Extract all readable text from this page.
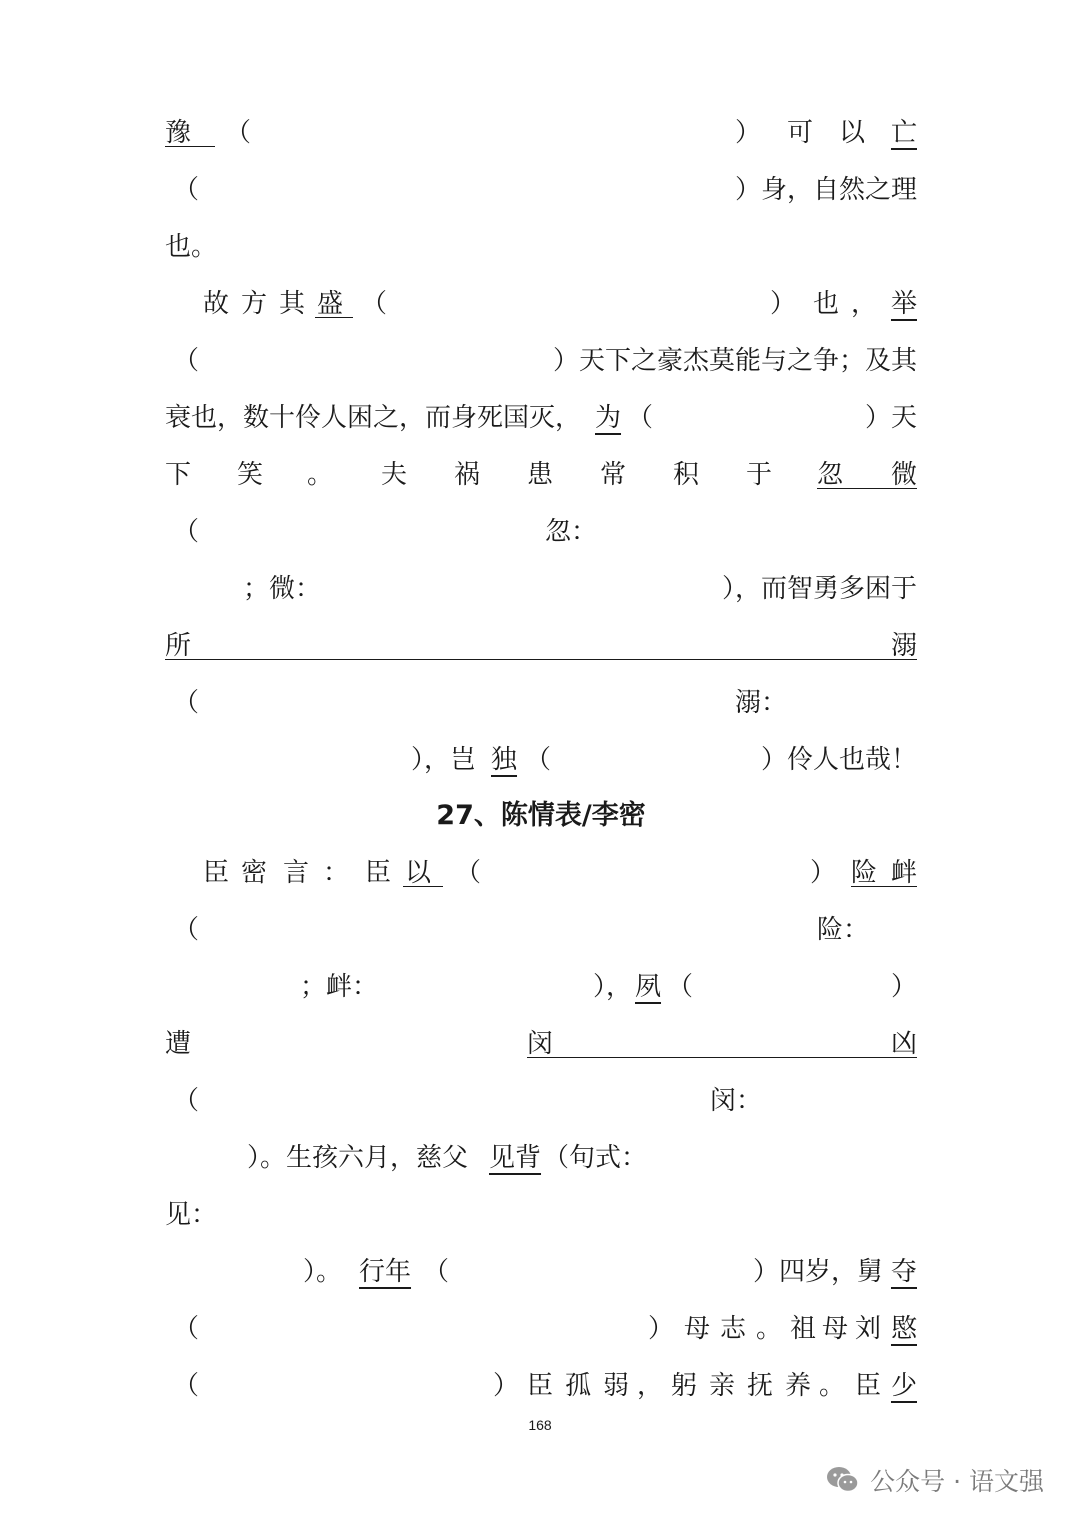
豫 （	） 可 以 亡
（	）身，自然之理
也。
故 方 其 盛 （	） 也 ， 举
（	）天下之豪杰莫能与之争；及其
衰也，数十伶人困之，而身死国灭， 为 （	）天
下 笑 。 夫 祸 患 常 积 于 忽 微
（	忽：
；微：	），而智勇多困于
所	溺
（	溺：
），岂 独 （	）伶人也哉！
27、陈情表/李密
臣 密 言 ： 臣 以 （	） 险 衅
（	险：
；衅：	）， 夙 （	）
遭	闵	凶
（	闵：
）。生孩六月，慈父 见背 （句式：
见：
）。 行年 （	）四岁，舅 夺
（	） 母 志 。 祖 母 刘 愍
（	） 臣 孤 弱 ， 躬 亲 抚 养 。 臣 少
168
公众号 · 语文强
